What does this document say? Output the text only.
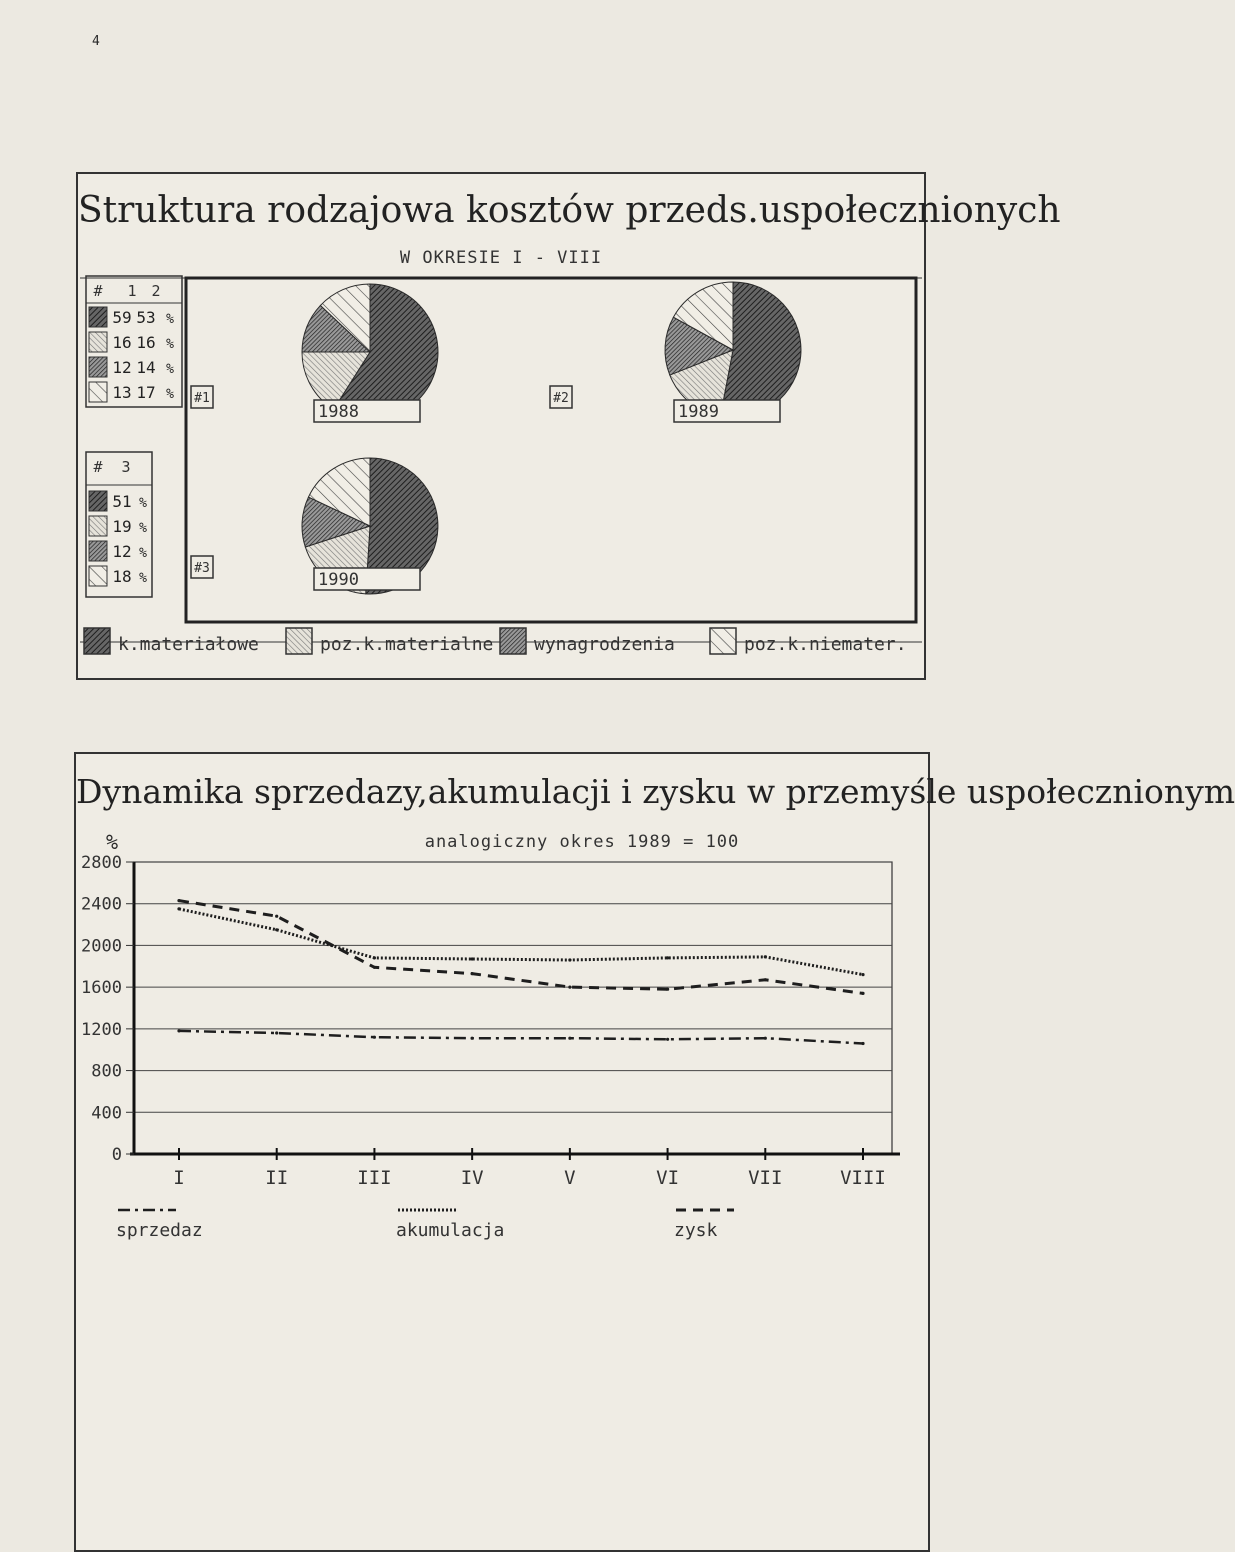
4
Struktura rodzajowa kosztów przeds.uspołecznionych
W OKRESIE I - VIII
# 1 2
59 53 %
16 16 %
12 14 %
13 17 %
# 3
51 %
19 %
12 %
18 %
1988
#1
1989
#2
1990
#3
k.materiałowe	poz.k.materialne wynagrodzenia	poz.k.niemater.
Dynamika sprzedazy,akumulacji i zysku w przemyśle uspołecznionym
%	analogiczny okres 1989 = 100
2800
2400
2000
1600
1200
800
400
0
I	II	III	IV	V	VI	VII	VIII
sprzedaz	akumulacja	zysk
